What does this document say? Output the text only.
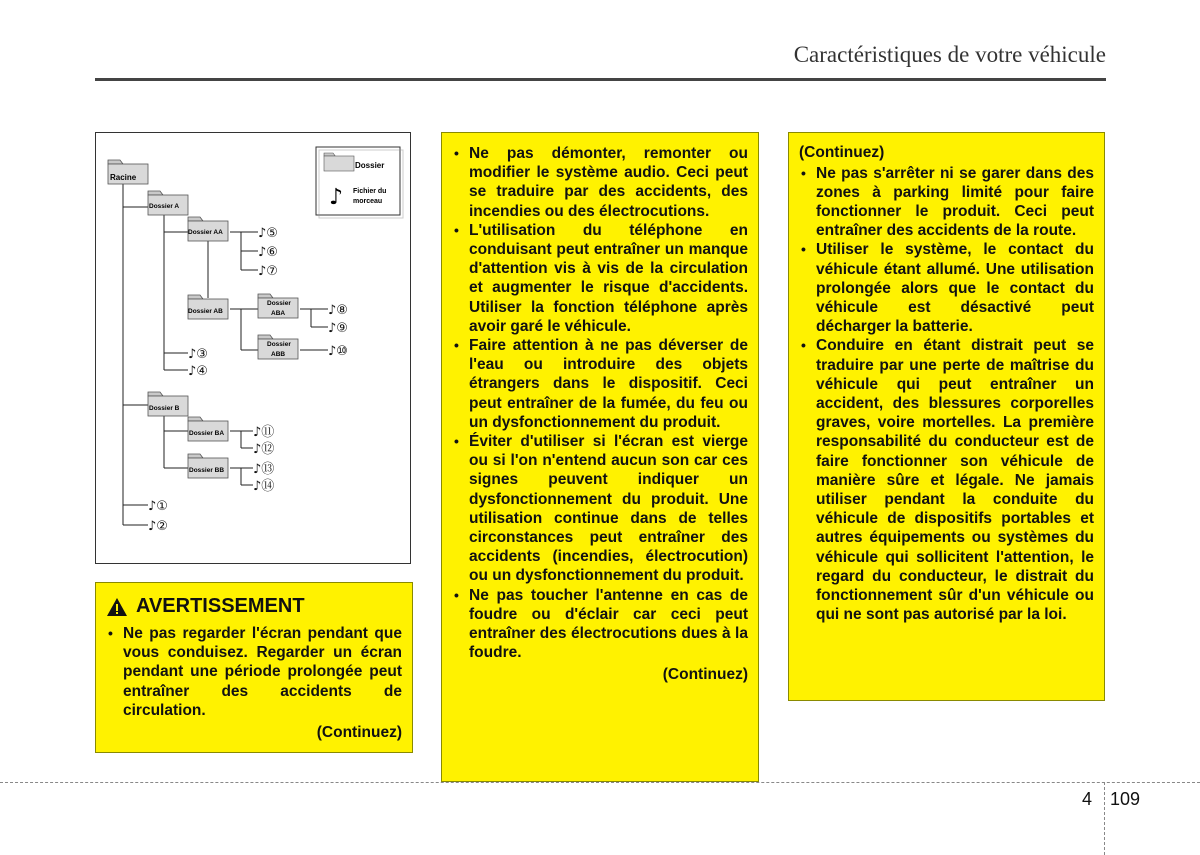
Caractéristiques de votre véhicule
Dossier
♪ Fichier du
morceau
Racine
Dossier A
Dossier AA
Dossier AB
Dossier
ABA
Dossier
ABB
Dossier B
Dossier BA
Dossier BB
♪⑤
♪⑥
♪⑦
♪⑧
♪⑨
♪⑩
♪③
♪④
♪⑪
♪⑫
♪⑬
♪⑭
♪①
♪②
AVERTISSEMENT
• Ne pas regarder l'écran pendant que vous conduisez. Regarder un écran pendant une période prolongée peut entraîner des accidents de circulation.
(Continuez)
• Ne pas démonter, remonter ou modifier le système audio. Ceci peut se traduire par des accidents, des incendies ou des électrocutions.
• L'utilisation du téléphone en conduisant peut entraîner un manque d'attention vis à vis de la circulation et augmenter le risque d'accidents. Utiliser la fonction téléphone après avoir garé le véhicule.
• Faire attention à ne pas déverser de l'eau ou introduire des objets étrangers dans le dispositif. Ceci peut entraîner de la fumée, du feu ou un dysfonctionnement du produit.
• Éviter d'utiliser si l'écran est vierge ou si l'on n'entend aucun son car ces signes peuvent indiquer un dysfonctionnement du produit. Une utilisation continue dans de telles circonstances peut entraîner des accidents (incendies, électrocution) ou un dysfonctionnement du produit.
• Ne pas toucher l'antenne en cas de foudre ou d'éclair car ceci peut entraîner des électrocutions dues à la foudre.
(Continuez)
(Continuez)
• Ne pas s'arrêter ni se garer dans des zones à parking limité pour faire fonctionner le produit. Ceci peut entraîner des accidents de la route.
• Utiliser le système, le contact du véhicule étant allumé. Une utilisation prolongée alors que le contact du véhicule est désactivé peut décharger la batterie.
• Conduire en étant distrait peut se traduire par une perte de maîtrise du véhicule qui peut entraîner un accident, des blessures corporelles graves, voire mortelles. La première responsabilité du conducteur est de faire fonctionner son véhicule de manière sûre et légale. Ne jamais utiliser pendant la conduite du véhicule de dispositifs portables et autres équipements ou systèmes du véhicule qui sollicitent l'attention, le regard du conducteur, le distrait du fonctionnement sûr d'un véhicule ou qui ne sont pas autorisé par la loi.
4 109
